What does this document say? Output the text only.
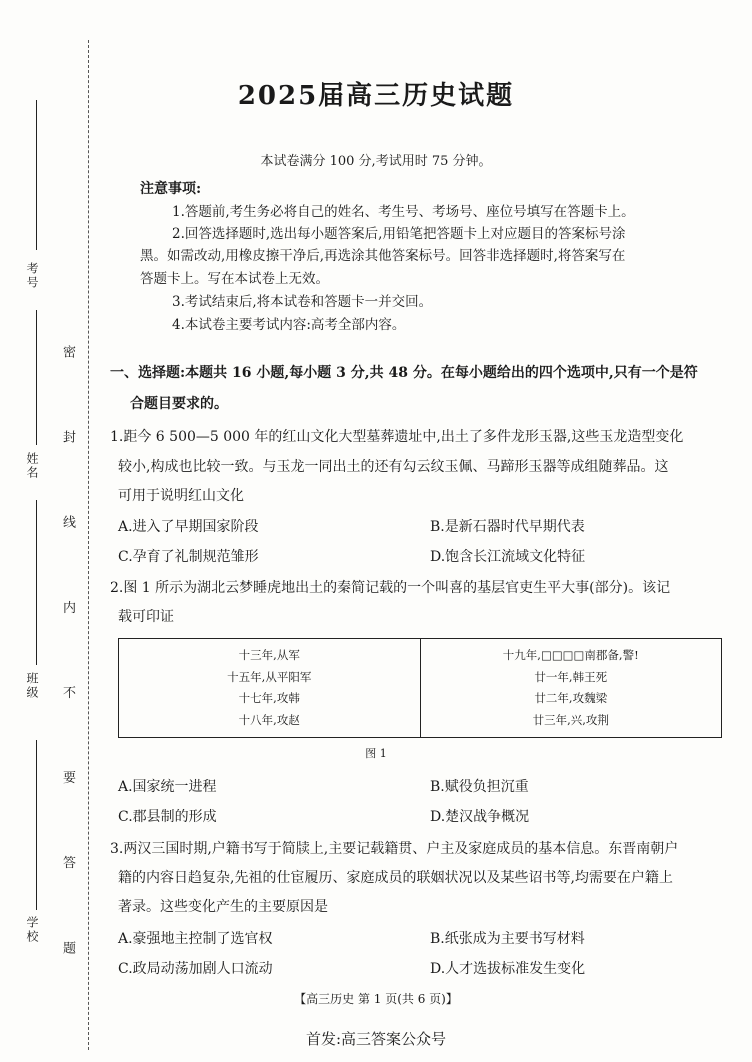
考号
姓名
班级
学校 密 封 线 内 不 要 答 题
2025届高三历史试题
本试卷满分 100 分,考试用时 75 分钟。
注意事项:
1.答题前,考生务必将自己的姓名、考生号、考场号、座位号填写在答题卡上。
2.回答选择题时,选出每小题答案后,用铅笔把答题卡上对应题目的答案标号涂
黑。如需改动,用橡皮擦干净后,再选涂其他答案标号。回答非选择题时,将答案写在
答题卡上。写在本试卷上无效。
3.考试结束后,将本试卷和答题卡一并交回。
4.本试卷主要考试内容:高考全部内容。
一、选择题:本题共 16 小题,每小题 3 分,共 48 分。在每小题给出的四个选项中,只有一个是符
合题目要求的。
1.距今 6 500—5 000 年的红山文化大型墓葬遗址中,出土了多件龙形玉器,这些玉龙造型变化
较小,构成也比较一致。与玉龙一同出土的还有勾云纹玉佩、马蹄形玉器等成组随葬品。这
可用于说明红山文化
A.进入了早期国家阶段	B.是新石器时代早期代表
C.孕育了礼制规范雏形	D.饱含长江流域文化特征
2.图 1 所示为湖北云梦睡虎地出土的秦简记载的一个叫喜的基层官吏生平大事(部分)。该记
载可印证
十三年,从军
十五年,从平阳军
十七年,攻韩
十八年,攻赵

十九年,□□□□南郡备,警!
廿一年,韩王死
廿二年,攻魏梁
廿三年,兴,攻荆
图 1
A.国家统一进程	B.赋役负担沉重
C.郡县制的形成	D.楚汉战争概况
3.两汉三国时期,户籍书写于简牍上,主要记载籍贯、户主及家庭成员的基本信息。东晋南朝户
籍的内容日趋复杂,先祖的仕宦履历、家庭成员的联姻状况以及某些诏书等,均需要在户籍上
著录。这些变化产生的主要原因是
A.豪强地主控制了选官权	B.纸张成为主要书写材料
C.政局动荡加剧人口流动	D.人才选拔标准发生变化
【高三历史 第 1 页(共 6 页)】
首发:高三答案公众号
